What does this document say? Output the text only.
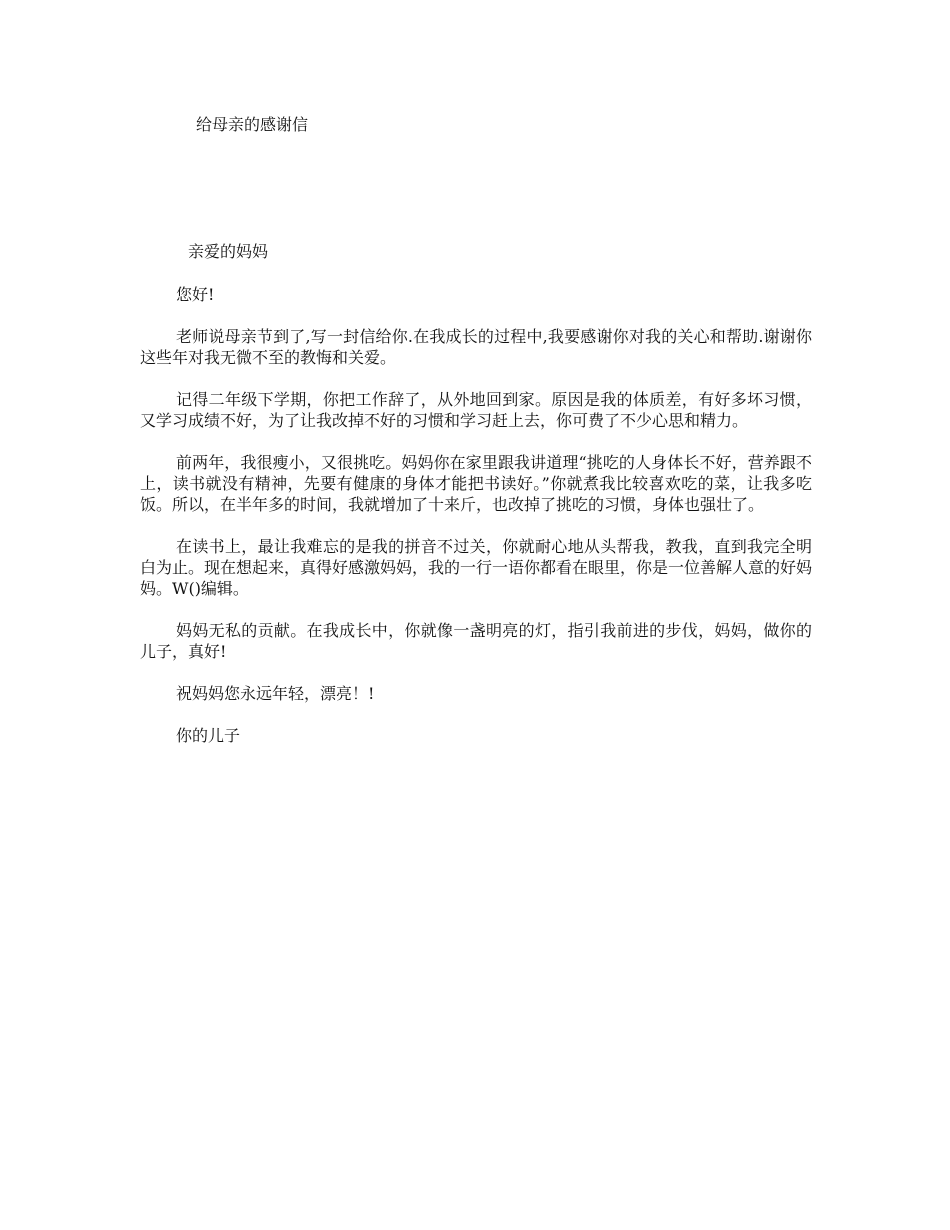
给母亲的感谢信
亲爱的妈妈

您好!

老师说母亲节到了,写一封信给你.在我成长的过程中,我要感谢你对我的关心和帮助.谢谢你这些年对我无微不至的教悔和关爱。

记得二年级下学期，你把工作辞了，从外地回到家。原因是我的体质差，有好多坏习惯，又学习成绩不好，为了让我改掉不好的习惯和学习赶上去，你可费了不少心思和精力。

前两年，我很瘦小，又很挑吃。妈妈你在家里跟我讲道理“挑吃的人身体长不好，营养跟不上，读书就没有精神，先要有健康的身体才能把书读好。”你就煮我比较喜欢吃的菜，让我多吃饭。所以，在半年多的时间，我就增加了十来斤，也改掉了挑吃的习惯，身体也强壮了。

在读书上，最让我难忘的是我的拼音不过关，你就耐心地从头帮我，教我，直到我完全明白为止。现在想起来，真得好感激妈妈，我的一行一语你都看在眼里，你是一位善解人意的好妈妈。W()编辑。

妈妈无私的贡献。在我成长中，你就像一盏明亮的灯，指引我前进的步伐，妈妈，做你的儿子，真好!

祝妈妈您永远年轻，漂亮！!

你的儿子
